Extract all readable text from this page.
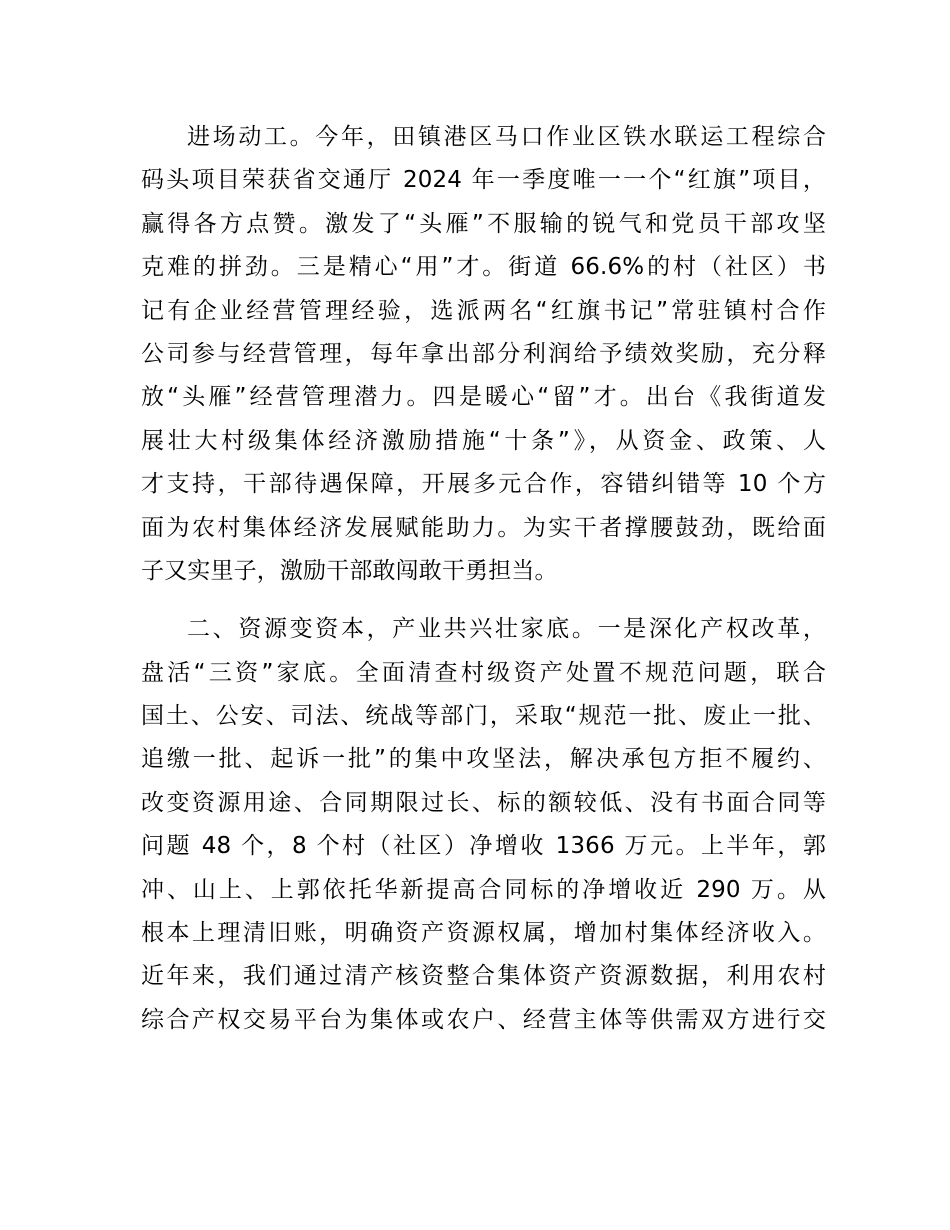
进场动工。今年，田镇港区马口作业区铁水联运工程综合
码头项目荣获省交通厅 2024 年一季度唯一一个“红旗”项目，
赢得各方点赞。激发了“头雁”不服输的锐气和党员干部攻坚
克难的拼劲。三是精心“用”才。街道 66.6%的村（社区）书
记有企业经营管理经验，选派两名“红旗书记”常驻镇村合作
公司参与经营管理，每年拿出部分利润给予绩效奖励，充分释
放“头雁”经营管理潜力。四是暖心“留”才。出台《我街道发
展壮大村级集体经济激励措施“十条”》，从资金、政策、人
才支持，干部待遇保障，开展多元合作，容错纠错等 10 个方
面为农村集体经济发展赋能助力。为实干者撑腰鼓劲，既给面
子又实里子，激励干部敢闯敢干勇担当。
二、资源变资本，产业共兴壮家底。一是深化产权改革，
盘活“三资”家底。全面清查村级资产处置不规范问题，联合
国土、公安、司法、统战等部门，采取“规范一批、废止一批、
追缴一批、起诉一批”的集中攻坚法，解决承包方拒不履约、
改变资源用途、合同期限过长、标的额较低、没有书面合同等
问题 48 个，8 个村（社区）净增收 1366 万元。上半年，郭
冲、山上、上郭依托华新提高合同标的净增收近 290 万。从
根本上理清旧账，明确资产资源权属，增加村集体经济收入。
近年来，我们通过清产核资整合集体资产资源数据，利用农村
综合产权交易平台为集体或农户、经营主体等供需双方进行交
